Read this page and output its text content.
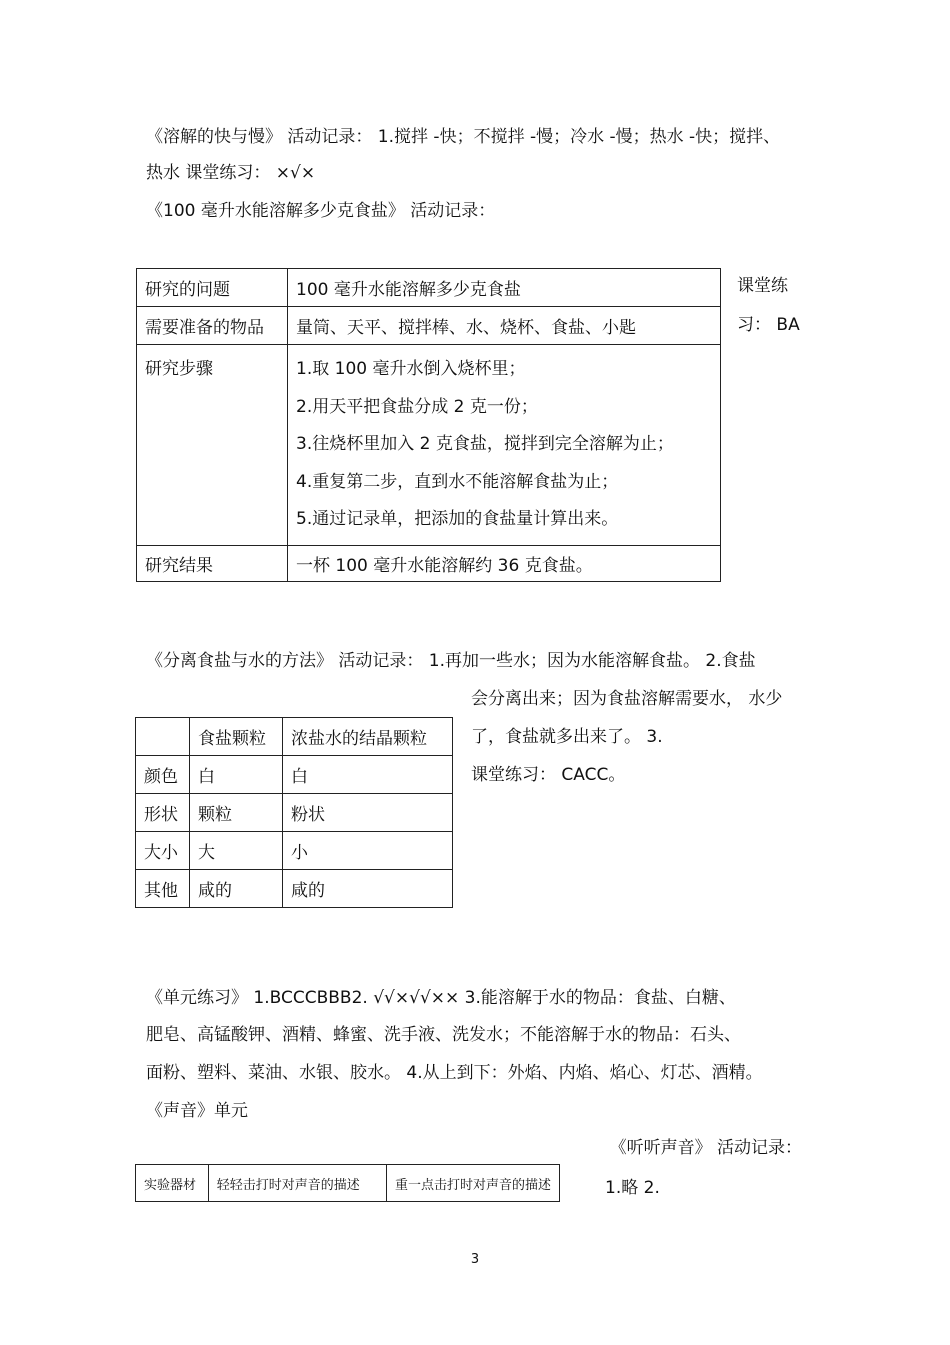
《溶解的快与慢》 活动记录： 1.搅拌 -快；不搅拌 -慢；冷水 -慢；热水 -快；搅拌、
热水 课堂练习： ×√×
《100 毫升水能溶解多少克食盐》 活动记录：
研究的问题	100 毫升水能溶解多少克食盐
需要准备的物品	量筒、天平、搅拌棒、水、烧杯、食盐、小匙
研究步骤	1.取 100 毫升水倒入烧杯里；
2.用天平把食盐分成 2 克一份；
3.往烧杯里加入 2 克食盐，搅拌到完全溶解为止；
4.重复第二步，直到水不能溶解食盐为止；
5.通过记录单，把添加的食盐量计算出来。

研究结果	一杯 100 毫升水能溶解约 36 克食盐。
课堂练
习： BA
《分离食盐与水的方法》 活动记录： 1.再加一些水；因为水能溶解食盐。 2.食盐
会分离出来；因为食盐溶解需要水， 水少
了，食盐就多出来了。 3.
课堂练习： CACC。
	食盐颗粒	浓盐水的结晶颗粒
颜色	白	白
形状	颗粒	粉状
大小	大	小
其他	咸的	咸的
《单元练习》 1.BCCCBBB2. √√×√√×× 3.能溶解于水的物品：食盐、白糖、
肥皂、高锰酸钾、酒精、蜂蜜、洗手液、洗发水；不能溶解于水的物品：石头、
面粉、塑料、菜油、水银、胶水。 4.从上到下：外焰、内焰、焰心、灯芯、酒精。
《声音》单元
《听听声音》 活动记录：
1.略 2.
实验器材	轻轻击打时对声音的描述	重一点击打时对声音的描述
3
